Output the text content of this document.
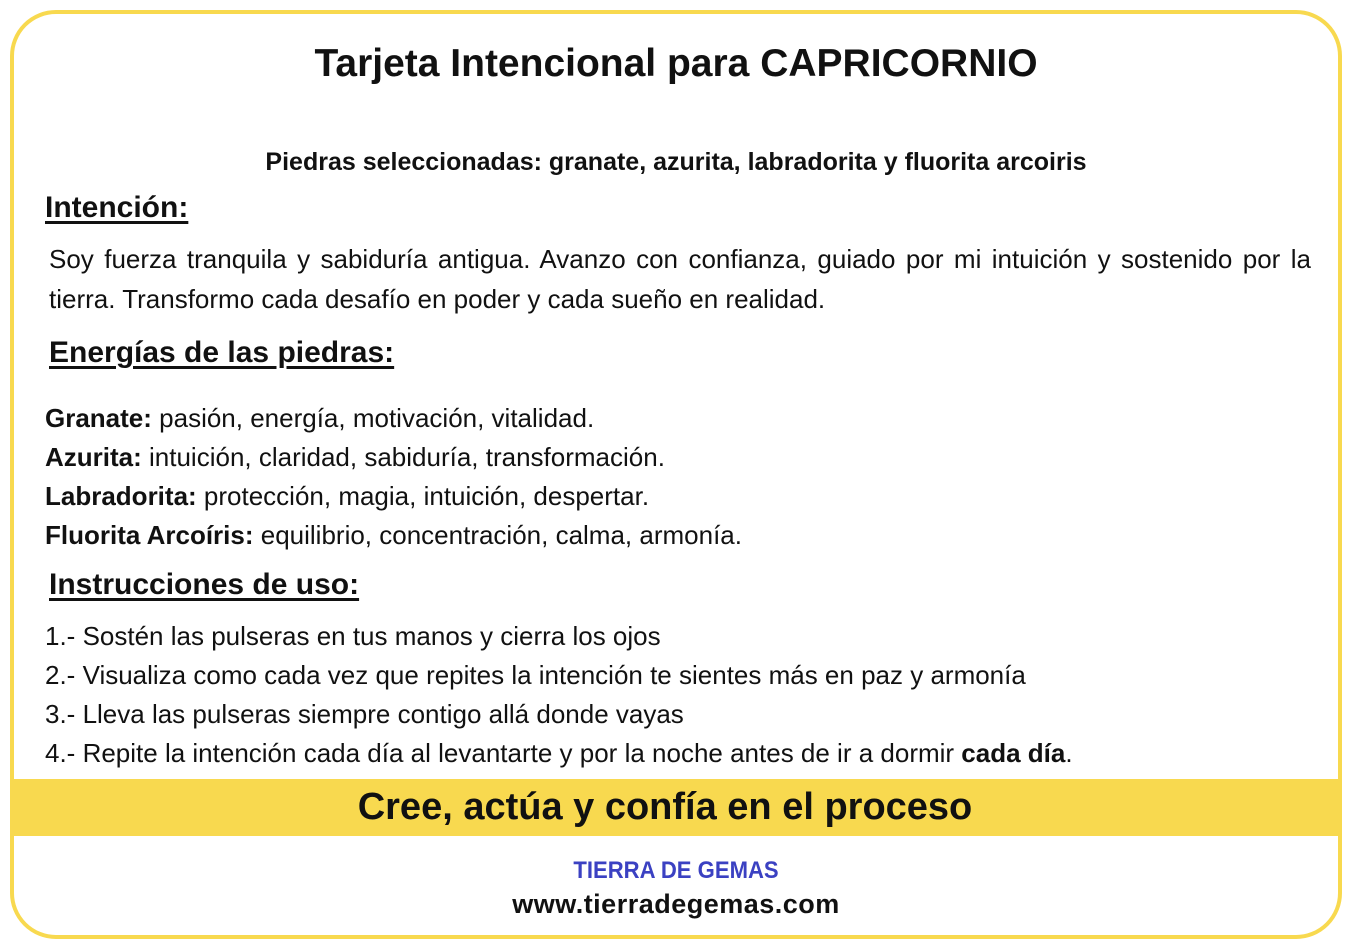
Tarjeta Intencional para CAPRICORNIO

Piedras seleccionadas: granate, azurita, labradorita y fluorita arcoiris

Intención:

Soy fuerza tranquila y sabiduría antigua. Avanzo con confianza, guiado por mi intuición y sostenido por la tierra. Transformo cada desafío en poder y cada sueño en realidad.

Energías de las piedras:
Granate: pasión, energía, motivación, vitalidad.
Azurita: intuición, claridad, sabiduría, transformación.
Labradorita: protección, magia, intuición, despertar.
Fluorita Arcoíris: equilibrio, concentración, calma, armonía.
Instrucciones de uso:
1.- Sostén las pulseras en tus manos y cierra los ojos
2.- Visualiza como cada vez que repites la intención te sientes más en paz y armonía
3.- Lleva las pulseras siempre contigo allá donde vayas
4.- Repite la intención cada día al levantarte y por la noche antes de ir a dormir cada día.
Cree, actúa y confía en el proceso
TIERRA DE GEMAS
www.tierradegemas.com
